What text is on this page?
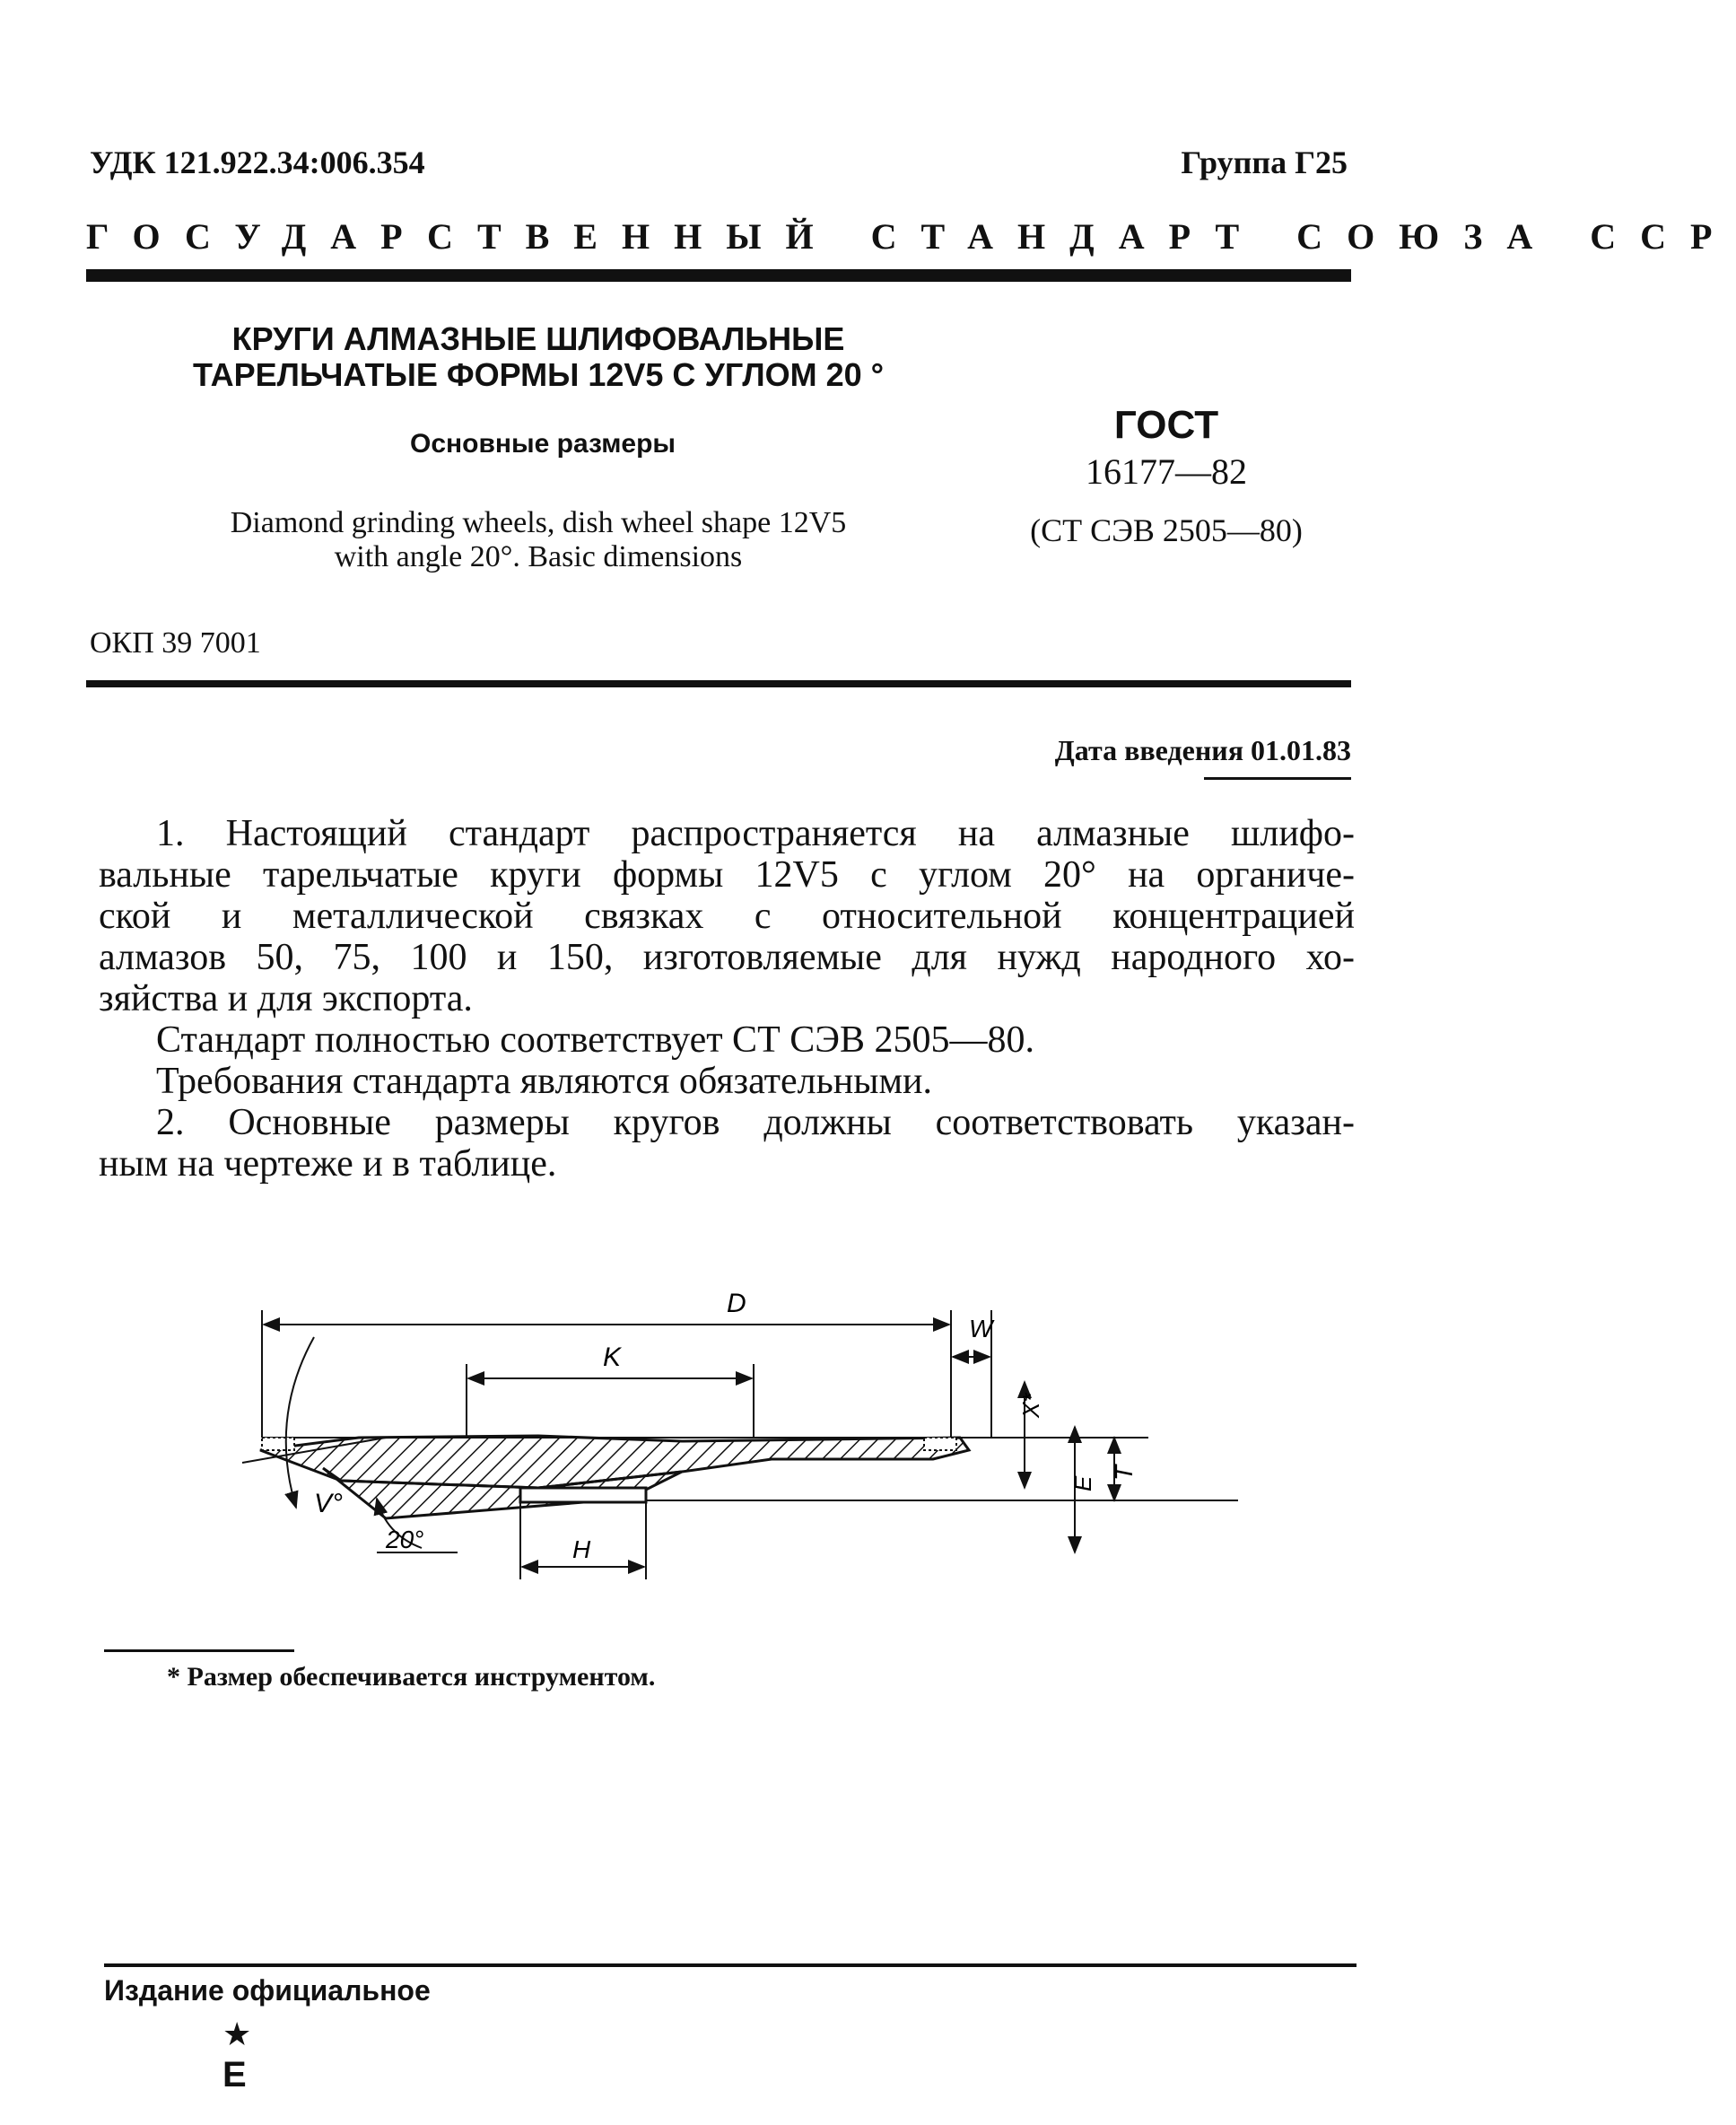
УДК 121.922.34:006.354	Группа Г25
ГОСУДАРСТВЕННЫЙ СТАНДАРТ СОЮЗА ССР
КРУГИ АЛМАЗНЫЕ ШЛИФОВАЛЬНЫЕ
ТАРЕЛЬЧАТЫЕ ФОРМЫ 12V5 С УГЛОМ 20 °
Основные размеры	ГОСТ
16177—82
Diamond grinding wheels, dish wheel shape 12V5
with angle 20°. Basic dimensions
(СТ СЭВ 2505—80)
ОКП 39 7001
Дата введения 01.01.83

1. Настоящий стандарт распространяется на алмазные шлифо-

вальные тарельчатые круги формы 12V5 с углом 20° на органиче-

ской и металлической связках с относительной концентрацией

алмазов 50, 75, 100 и 150, изготовляемые для нужд народного хо-

зяйства и для экспорта.

Стандарт полностью соответствует СТ СЭВ 2505—80.

Требования стандарта являются обязательными.

2. Основные размеры кругов должны соответствовать указан-

ным на чертеже и в таблице.

D
K
W
X*
E
T
H
V°
20°
* Размер обеспечивается инструментом.
Издание официальное
★
E
